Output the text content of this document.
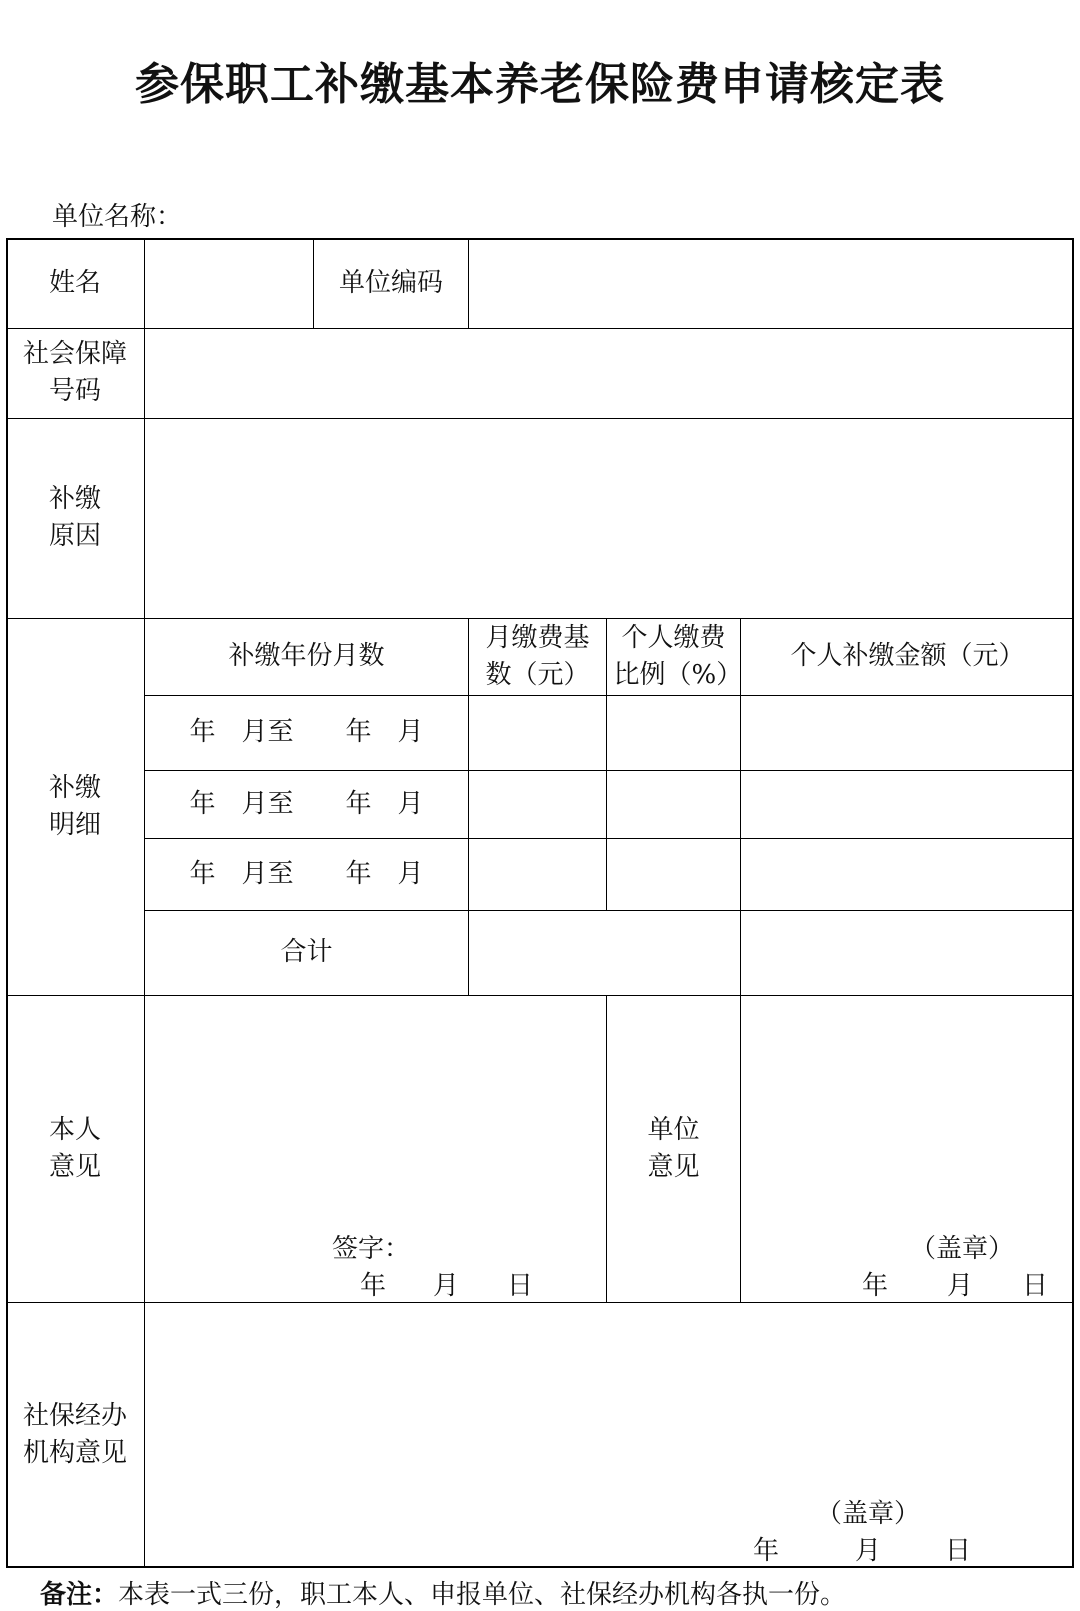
参保职工补缴基本养老保险费申请核定表
单位名称：
姓名	单位编码
社会保障号码
补缴原因
补缴明细
补缴年份月数
月缴费基数（元）
个人缴费比例（%）
个人补缴金额（元）
年　月至　　年　月
年　月至　　年　月
年　月至　　年　月
合计
本人意见
签字：
年 月 日
单位意见
（盖章）
年 月 日
社保经办机构意见
（盖章）
年	月 日
备注：本表一式三份，职工本人、申报单位、社保经办机构各执一份。
